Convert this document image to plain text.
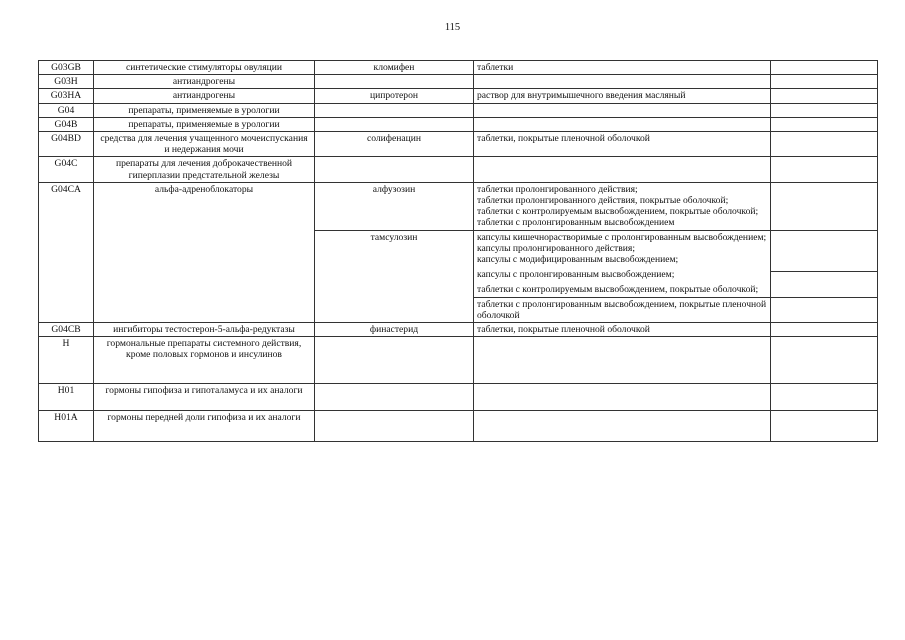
115
G03GB	синтетические стимуляторы овуляции	кломифен	таблетки	

G03H	антиандрогены			
G03HA	антиандрогены	ципротерон	раствор для внутримышечного введения масляный	

G04	препараты, применяемые в урологии			
G04B	препараты, применяемые в урологии			
G04BD	средства для лечения учащенного мочеиспускания и недержания мочи	солифенацин	таблетки, покрытые пленочной оболочкой	

G04C	препараты для лечения доброкачественной гиперплазии предстательной железы			
G04CA	альфа-адреноблокаторы	алфузозин	таблетки пролонгированного действия;
таблетки пролонгированного действия, покрытые оболочкой;
таблетки с контролируемым высвобождением, покрытые оболочкой;
таблетки с пролонгированным высвобождением	

		тамсулозин	капсулы кишечнорастворимые с пролонгированным высвобождением;
капсулы пролонгированного действия;
капсулы с модифицированным высвобождением;
капсулы с пролонгированным высвобождением;
таблетки с контролируемым высвобождением, покрытые оболочкой;	

			таблетки с пролонгированным высвобождением, покрытые пленочной оболочкой	

G04CB	ингибиторы тестостерон-5-альфа-редуктазы	финастерид	таблетки, покрытые пленочной оболочкой	

H	гормональные препараты системного действия, кроме половых гормонов и инсулинов			
H01	гормоны гипофиза и гипоталамуса и их аналоги			
H01A	гормоны передней доли гипофиза и их аналоги			
